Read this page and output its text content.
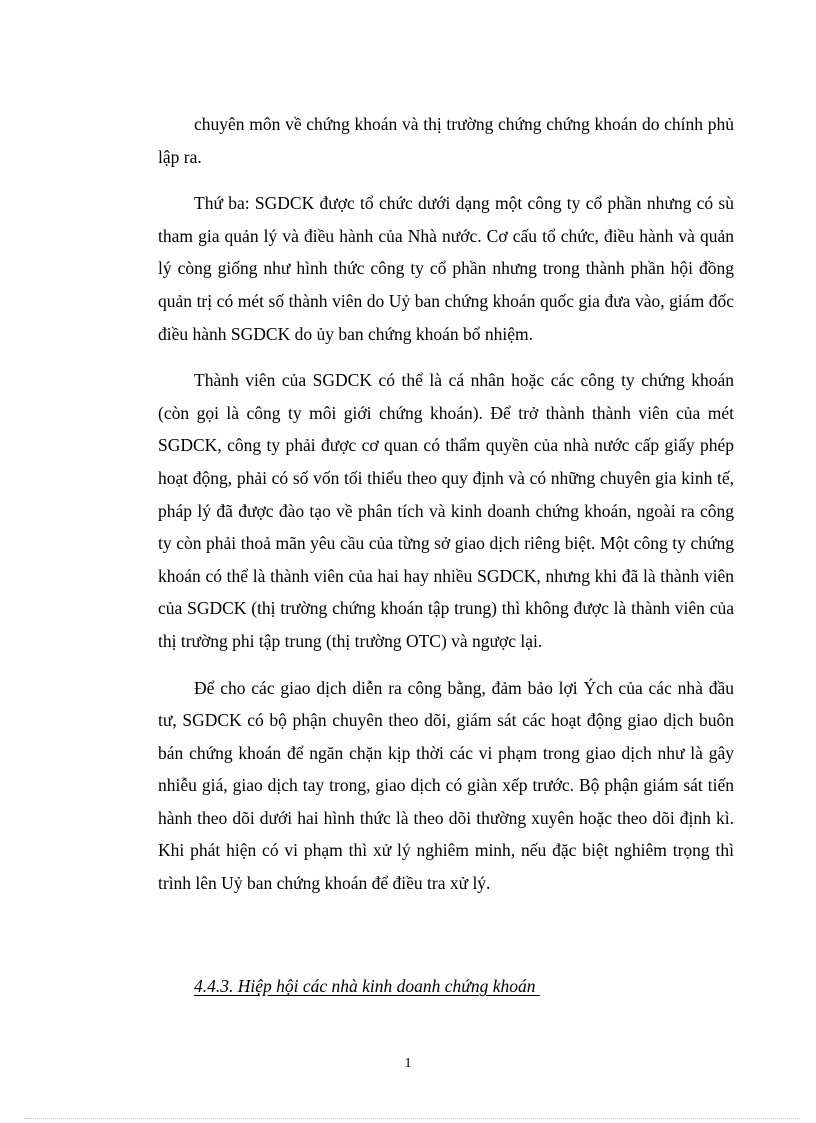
chuyên môn về chứng khoán và thị trường chứng chứng khoán do chính phủ lập ra.

Thứ ba: SGDCK được tổ chức dưới dạng một công ty cổ phần nhưng có sù tham gia quản lý và điều hành của Nhà nước. Cơ cấu tổ chức, điều hành và quản lý còng giống như hình thức công ty cổ phần nhưng trong thành phần hội đồng quản trị có mét số thành viên do Uỷ ban chứng khoán quốc gia đưa vào, giám đốc điều hành SGDCK do ủy ban chứng khoán bổ nhiệm.

Thành viên của SGDCK có thể là cá nhân hoặc các công ty chứng khoán (còn gọi là công ty môi giới chứng khoán). Để trở thành thành viên của mét SGDCK, công ty phải được cơ quan có thẩm quyền của nhà nước cấp giấy phép hoạt động, phải có số vốn tối thiểu theo quy định và có những chuyên gia kinh tế, pháp lý đã được đào tạo về phân tích và kinh doanh chứng khoán, ngoài ra công ty còn phải thoả mãn yêu cầu của từng sở giao dịch riêng biệt. Một công ty chứng khoán có thể là thành viên của hai hay nhiều SGDCK, nhưng khi đã là thành viên của SGDCK (thị trường chứng khoán tập trung) thì không được là thành viên của thị trường phi tập trung (thị trường OTC) và ngược lại.

Để cho các giao dịch diễn ra công bằng, đảm bảo lợi Ých của các nhà đầu tư, SGDCK có bộ phận chuyên theo dõi, giám sát các hoạt động giao dịch buôn bán chứng khoán để ngăn chặn kịp thời các vi phạm trong giao dịch như là gây nhiễu giá, giao dịch tay trong, giao dịch có giàn xếp trước. Bộ phận giám sát tiến hành theo dõi dưới hai hình thức là theo dõi thường xuyên hoặc theo dõi định kì. Khi phát hiện có vi phạm thì xử lý nghiêm minh, nếu đặc biệt nghiêm trọng thì trình lên Uỷ ban chứng khoán để điều tra xử lý.

4.4.3. Hiệp hội các nhà kinh doanh chứng khoán
1
